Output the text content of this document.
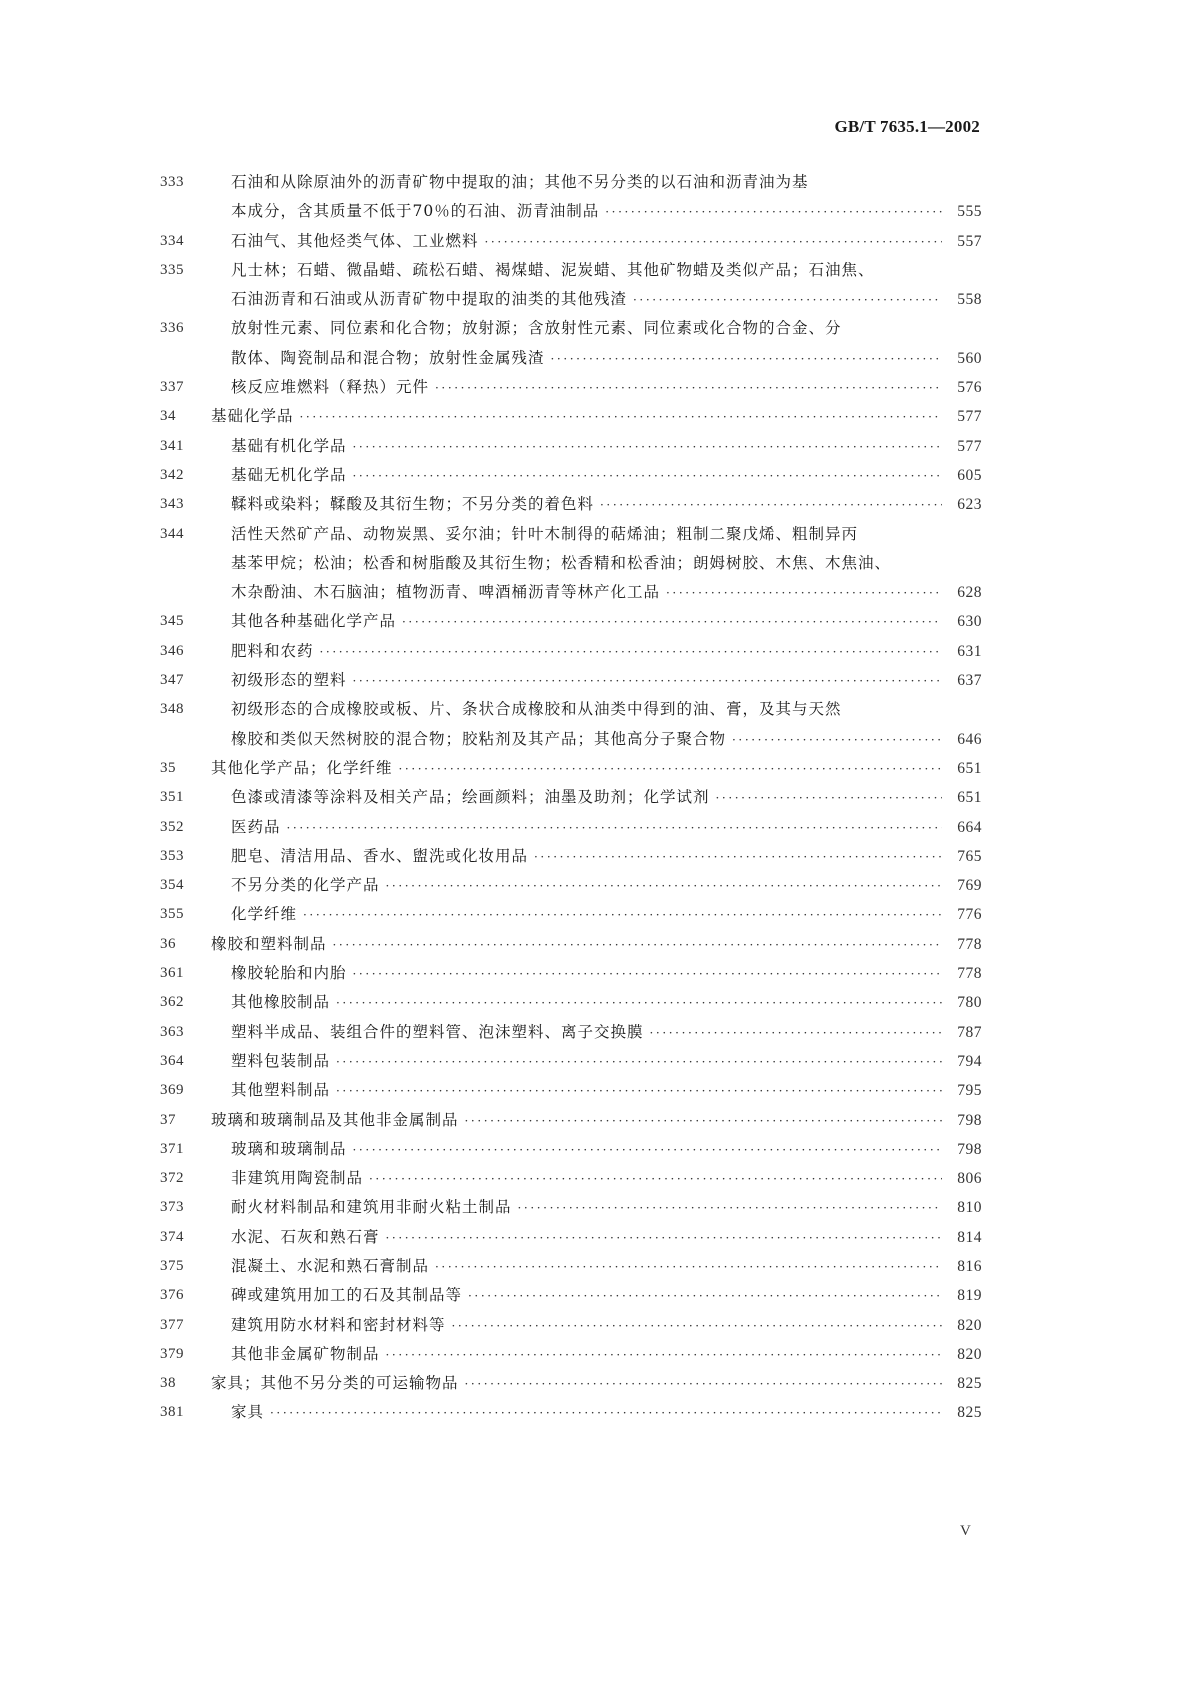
GB/T 7635.1—2002
333	石油和从除原油外的沥青矿物中提取的油；其他不另分类的以石油和沥青油为基
本成分，含其质量不低于70％的石油、沥青油制品 ·····	555
334	石油气、其他烃类气体、工业燃料 ·····	557
335	凡士林；石蜡、微晶蜡、疏松石蜡、褐煤蜡、泥炭蜡、其他矿物蜡及类似产品；石油焦、
石油沥青和石油或从沥青矿物中提取的油类的其他残渣 ·····	558
336	放射性元素、同位素和化合物；放射源；含放射性元素、同位素或化合物的合金、分
散体、陶瓷制品和混合物；放射性金属残渣 ·····	560
337	核反应堆燃料（释热）元件 ·····	576
34	基础化学品 ·····	577
341	基础有机化学品 ·····	577
342	基础无机化学品 ·····	605
343	鞣料或染料；鞣酸及其衍生物；不另分类的着色料 ·····	623
344	活性天然矿产品、动物炭黑、妥尔油；针叶木制得的萜烯油；粗制二聚戊烯、粗制异丙
基苯甲烷；松油；松香和树脂酸及其衍生物；松香精和松香油；朗姆树胶、木焦、木焦油、
木杂酚油、木石脑油；植物沥青、啤酒桶沥青等林产化工品 ·····	628
345	其他各种基础化学产品 ·····	630
346	肥料和农药 ·····	631
347	初级形态的塑料 ·····	637
348	初级形态的合成橡胶或板、片、条状合成橡胶和从油类中得到的油、膏，及其与天然
橡胶和类似天然树胶的混合物；胶粘剂及其产品；其他高分子聚合物 ·····	646
35	其他化学产品；化学纤维 ·····	651
351	色漆或清漆等涂料及相关产品；绘画颜料；油墨及助剂；化学试剂 ·····	651
352	医药品 ·····	664
353	肥皂、清洁用品、香水、盥洗或化妆用品 ·····	765
354	不另分类的化学产品 ·····	769
355	化学纤维 ·····	776
36	橡胶和塑料制品 ·····	778
361	橡胶轮胎和内胎 ·····	778
362	其他橡胶制品 ·····	780
363	塑料半成品、装组合件的塑料管、泡沫塑料、离子交换膜 ·····	787
364	塑料包装制品 ·····	794
369	其他塑料制品 ·····	795
37	玻璃和玻璃制品及其他非金属制品 ·····	798
371	玻璃和玻璃制品 ·····	798
372	非建筑用陶瓷制品 ·····	806
373	耐火材料制品和建筑用非耐火粘土制品 ·····	810
374	水泥、石灰和熟石膏 ·····	814
375	混凝土、水泥和熟石膏制品 ·····	816
376	碑或建筑用加工的石及其制品等 ·····	819
377	建筑用防水材料和密封材料等 ·····	820
379	其他非金属矿物制品 ·····	820
38	家具；其他不另分类的可运输物品 ·····	825
381	家具 ·····	825
V
